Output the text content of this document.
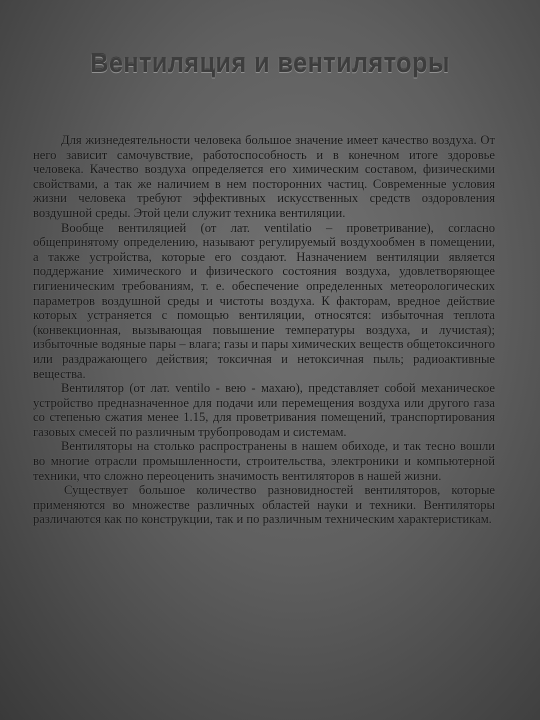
Вентиляция и вентиляторы

Для жизнедеятельности человека большое значение имеет качество воздуха. От него зависит самочувствие, работоспособность и в конечном итоге здоровье человека. Качество воздуха определяется его химическим составом, физическими свойствами, а так же наличием в нем посторонних частиц. Современные условия жизни человека требуют эффективных искусственных средств оздоровления воздушной среды. Этой цели служит техника вентиляции.

Вообще вентиляцией (от лат. ventilatio – проветривание), согласно общепринятому определению, называют регулируемый воздухообмен в помещении, а также устройства, которые его создают. Назначением вентиляции является поддержание химического и физического состояния воздуха, удовлетворяющее гигиеническим требованиям, т. е. обеспечение определенных метеорологических параметров воздушной среды и чистоты воздуха. К факторам, вредное действие которых устраняется с помощью вентиляции, относятся: избыточная теплота (конвекционная, вызывающая повышение температуры воздуха, и лучистая); избыточные водяные пары – влага; газы и пары химических веществ общетоксичного или раздражающего действия; токсичная и нетоксичная пыль; радиоактивные вещества.

Вентилятор (от лат. ventilo - вею - махаю), представляет собой механическое устройство предназначенное для подачи или перемещения воздуха или другого газа со степенью сжатия менее 1.15, для проветривания помещений, транспортирования газовых смесей по различным трубопроводам и системам.

Вентиляторы на столько распространены в нашем обиходе, и так тесно вошли во многие отрасли промышленности, строительства, электроники и компьютерной техники, что сложно переоценить значимость вентиляторов в нашей жизни.

Существует большое количество разновидностей вентиляторов, которые применяются во множестве различных областей науки и техники. Вентиляторы различаются как по конструкции, так и по различным техническим характеристикам.
